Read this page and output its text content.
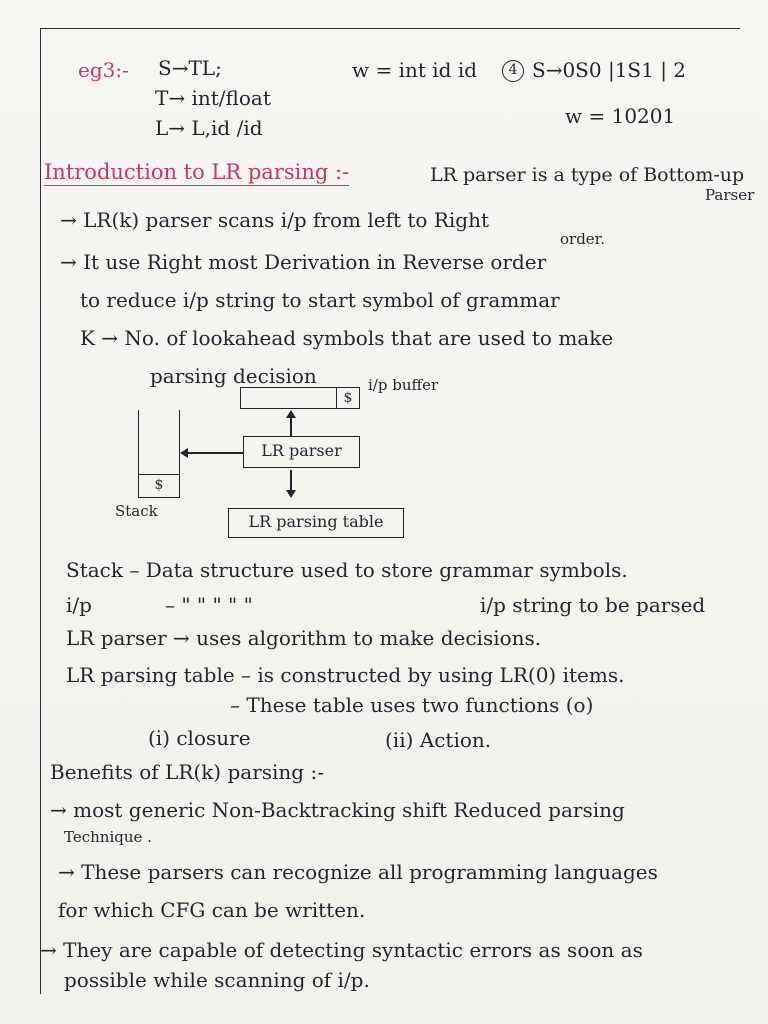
eg3:- S→TL;
T→ int/float
L→ L,id /id
w = int id id	4 S→0S0 |1S1 | 2
w = 10201
Introduction to LR parsing :-	LR parser is a type of Bottom-up
Parser
→ LR(k) parser scans i/p from left to Right
order.
→ It use Right most Derivation in Reverse order
to reduce i/p string to start symbol of grammar
K → No. of lookahead symbols that are used to make
parsing decision
$
i/p buffer
LR parser
$
Stack
LR parsing table
Stack – Data structure used to store grammar symbols.
i/p	– " " " " "	i/p string to be parsed
LR parser → uses algorithm to make decisions.
LR parsing table – is constructed by using LR(0) items.
– These table uses two functions (o)
(i) closure	(ii) Action.
Benefits of LR(k) parsing :-
→ most generic Non-Backtracking shift Reduced parsing
Technique .
→ These parsers can recognize all programming languages
for which CFG can be written.
→ They are capable of detecting syntactic errors as soon as
possible while scanning of i/p.
